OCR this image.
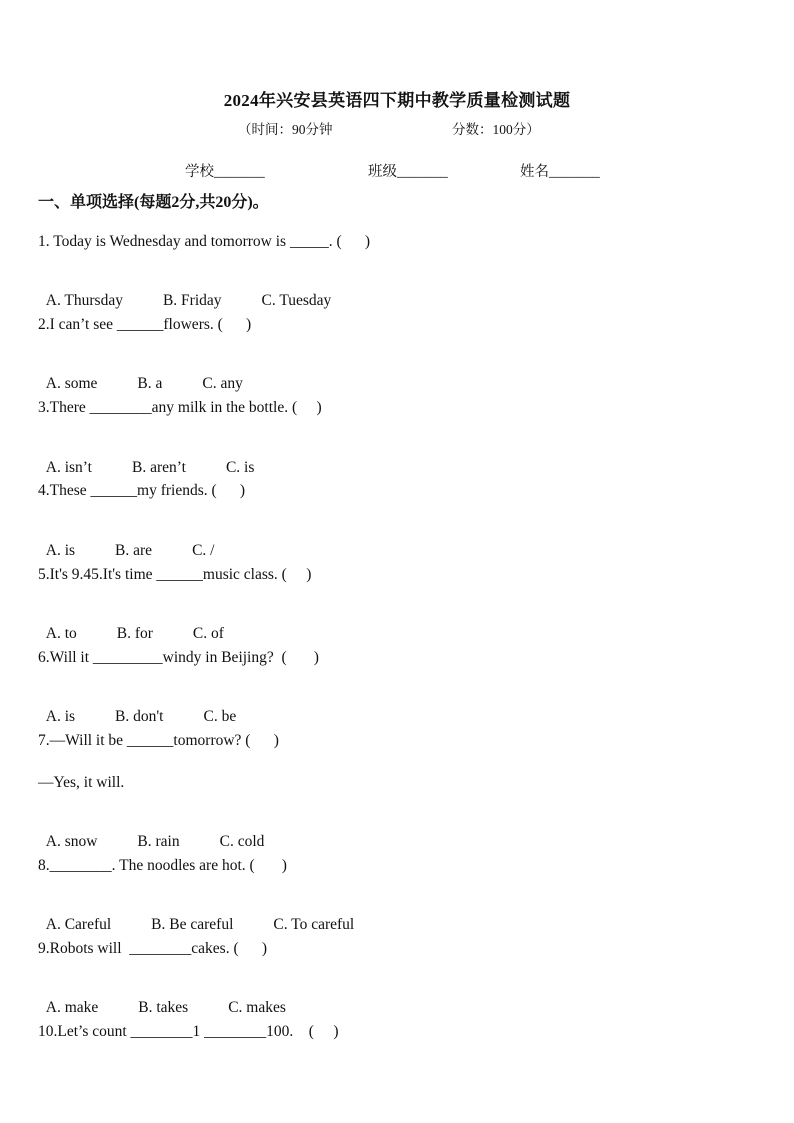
2024年兴安县英语四下期中教学质量检测试题
（时间：90分钟	分数：100分）
学校_______	班级_______	姓名_______
一、单项选择(每题2分,共20分)。
1. Today is Wednesday and tomorrow is _____. (      )

A. Thursday	B. Friday	C. Tuesday

2.I can’t see ______flowers. (      )

A. some	B. a	C. any

3.There ________any milk in the bottle. (     )

A. isn’t	B. aren’t	C. is

4.These ______my friends. (      )

A. is	B. are	C. /

5.It's 9.45.It's time ______music class. (     )

A. to	B. for	C. of

6.Will it _________windy in Beijing?  (       )

A. is	B. don't	C. be

7.—Will it be ______tomorrow? (      )
—Yes, it will.

A. snow	B. rain	C. cold

8.________. The noodles are hot. (       )

A. Careful	B. Be careful	C. To careful

9.Robots will  ________cakes. (      )

A. make	B. takes	C. makes

10.Let’s count ________1 ________100.    (     )
